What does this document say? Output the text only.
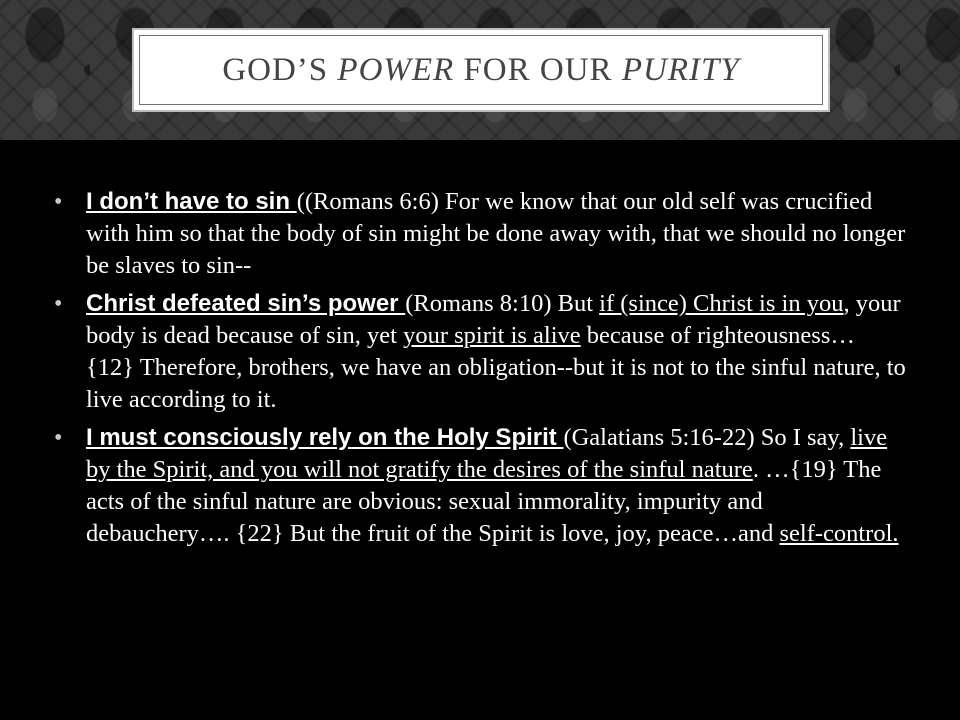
GOD’S POWER FOR OUR PURITY
• I don’t have to sin ((Romans 6:6) For we know that our old self was crucified with him so that the body of sin might be done away with, that we should no longer be slaves to sin--
• Christ defeated sin’s power (Romans 8:10) But if (since) Christ is in you, your body is dead because of sin, yet your spirit is alive because of righteousness… {12} Therefore, brothers, we have an obligation--but it is not to the sinful nature, to live according to it.
• I must consciously rely on the Holy Spirit (Galatians 5:16-22) So I say, live by the Spirit, and you will not gratify the desires of the sinful nature. …{19} The acts of the sinful nature are obvious: sexual immorality, impurity and debauchery…. {22} But the fruit of the Spirit is love, joy, peace…and self-control.
